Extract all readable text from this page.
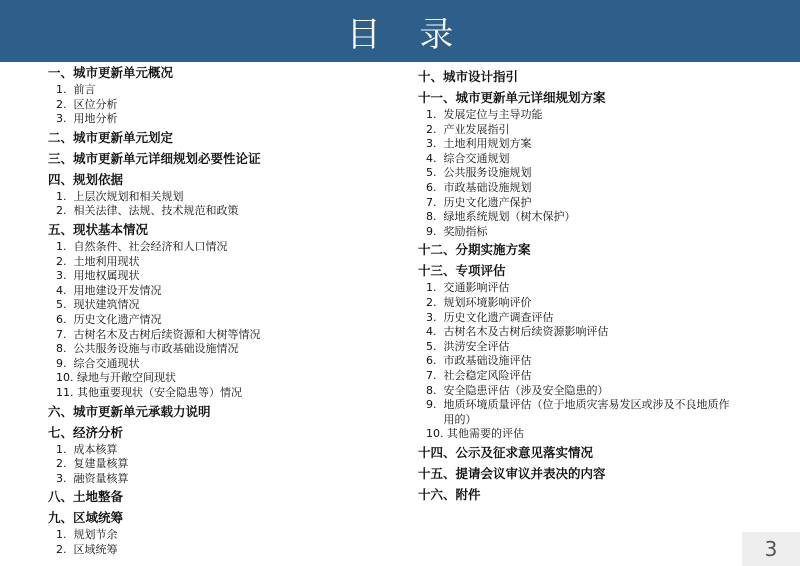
目 录
一、城市更新单元概况
1.
前言
2.
区位分析
3.
用地分析
二、城市更新单元划定
三、城市更新单元详细规划必要性论证
四、规划依据
1.
上层次规划和相关规划
2.
相关法律、法规、技术规范和政策
五、现状基本情况
1.
自然条件、社会经济和人口情况
2.
土地利用现状
3.
用地权属现状
4.
用地建设开发情况
5.
现状建筑情况
6.
历史文化遗产情况
7.
古树名木及古树后续资源和大树等情况
8.
公共服务设施与市政基础设施情况
9.
综合交通现状
10.
绿地与开敞空间现状
11.
其他重要现状（安全隐患等）情况
六、城市更新单元承载力说明
七、经济分析
1.
成本核算
2.
复建量核算
3.
融资量核算
八、土地整备
九、区域统筹
1.
规划节余
2.
区域统筹
十、城市设计指引
十一、城市更新单元详细规划方案
1.
发展定位与主导功能
2.
产业发展指引
3.
土地利用规划方案
4.
综合交通规划
5.
公共服务设施规划
6.
市政基础设施规划
7.
历史文化遗产保护
8.
绿地系统规划（树木保护）
9.
奖励指标
十二、分期实施方案
十三、专项评估
1.
交通影响评估
2.
规划环境影响评价
3.
历史文化遗产调查评估
4.
古树名木及古树后续资源影响评估
5.
洪涝安全评估
6.
市政基础设施评估
7.
社会稳定风险评估
8.
安全隐患评估（涉及安全隐患的）
9.
地质环境质量评估（位于地质灾害易发区或涉及不良地质作用的）
10.
其他需要的评估
十四、公示及征求意见落实情况
十五、提请会议审议并表决的内容
十六、附件
3
